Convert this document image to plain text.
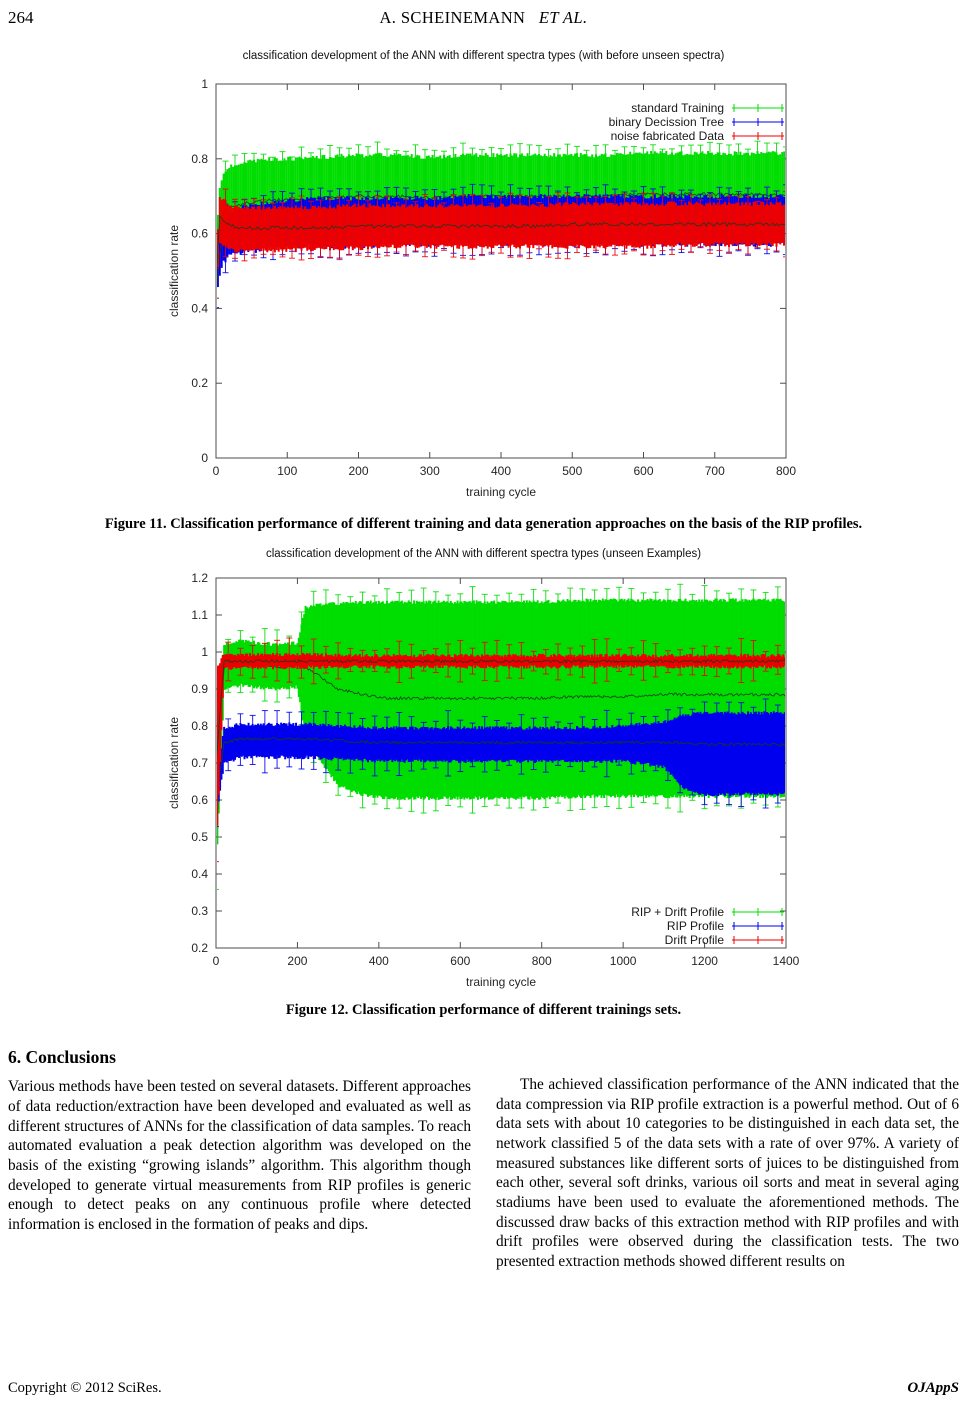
264	A. SCHEINEMANN ET AL.
classification development of the ANN with different spectra types (with before unseen spectra)
0
0.2
0.4
0.6
0.8
1
0	100	200	300	400	500	600	700	800
training cycle
classification rate
standard Training
binary Decission Tree
noise fabricated Data
Figure 11. Classification performance of different training and data generation approaches on the basis of the RIP profiles.
classification development of the ANN with different spectra types (unseen Examples)
0.2
0.3
0.4
0.5
0.6
0.7
0.8
0.9
1
1.1
1.2
0	200	400	600	800	1000	1200	1400
training cycle
classification rate
RIP + Drift Profile
RIP Profile
Drift Profile
Figure 12. Classification performance of different trainings sets.
6. Conclusions

Various methods have been tested on several datasets. Different approaches of data reduction/extraction have been developed and evaluated as well as different structures of ANNs for the classification of data samples. To reach automated evaluation a peak detection algorithm was developed on the basis of the existing “growing islands” algorithm. This algorithm though developed to generate virtual measurements from RIP profiles is generic enough to detect peaks on any continuous profile where detected information is enclosed in the formation of peaks and dips.

The achieved classification performance of the ANN indicated that the data compression via RIP profile extraction is a powerful method. Out of 6 data sets with about 10 categories to be distinguished in each data set, the network classified 5 of the data sets with a rate of over 97%. A variety of measured substances like different sorts of juices to be distinguished from each other, several soft drinks, various oil sorts and meat in several aging stadiums have been used to evaluate the aforementioned methods. The discussed draw backs of this extraction method with RIP profiles and with drift profiles were observed during the classification tests. The two presented extraction methods showed different results on

Copyright © 2012 SciRes.	OJAppS
